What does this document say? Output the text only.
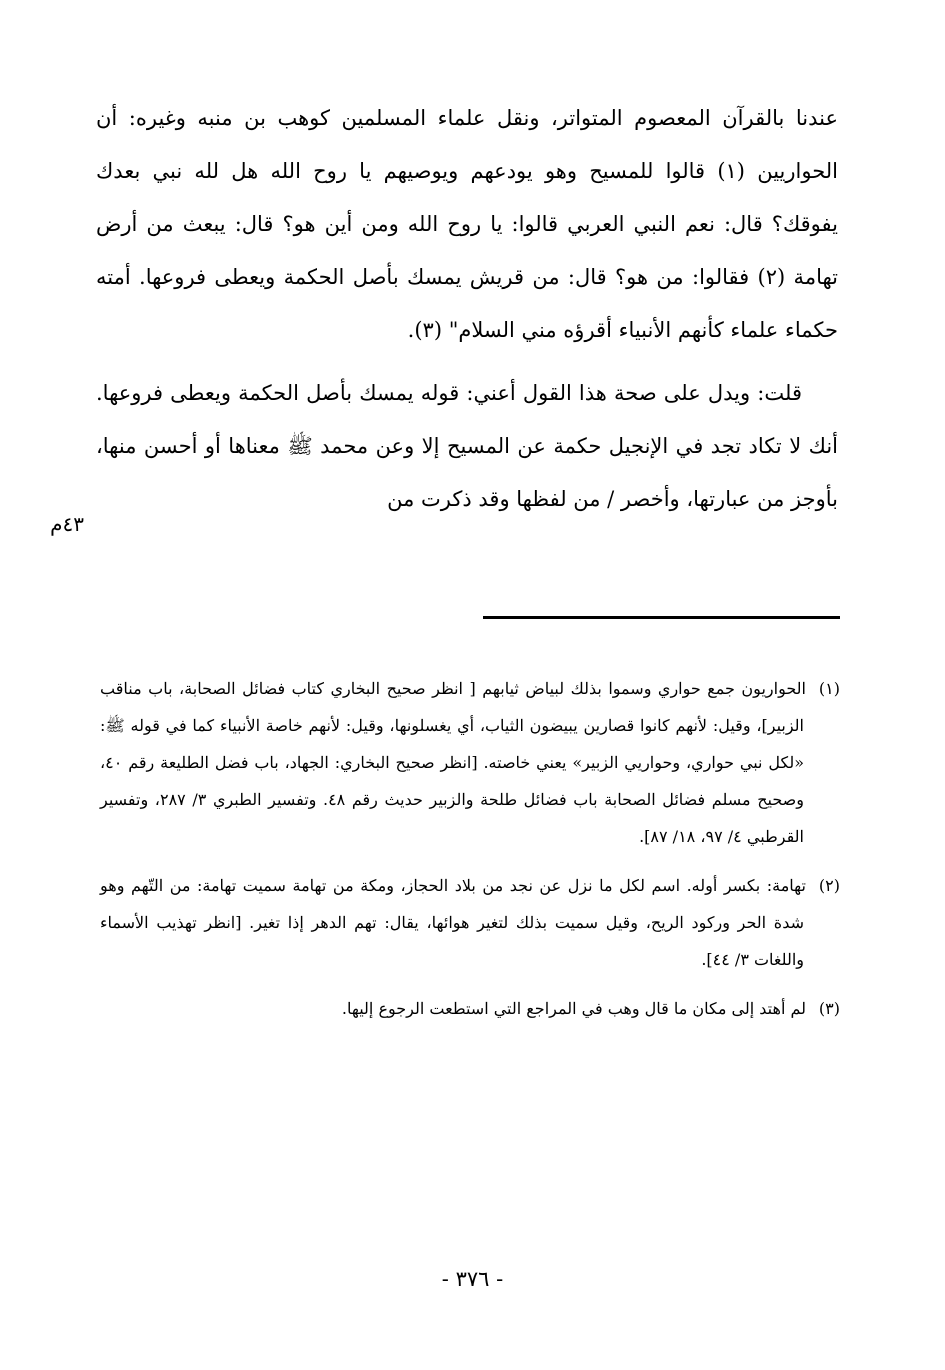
عندنا بالقرآن المعصوم المتواتر، ونقل علماء المسلمين كوهب بن منبه وغيره: أن الحواريين (١) قالوا للمسيح وهو يودعهم ويوصيهم يا روح الله هل لله نبي بعدك يفوقك؟ قال: نعم النبي العربي قالوا: يا روح الله ومن أين هو؟ قال: يبعث من أرض تهامة (٢) فقالوا: من هو؟ قال: من قريش يمسك بأصل الحكمة ويعطى فروعها. أمته حكماء علماء كأنهم الأنبياء أقرؤه مني السلام" (٣).

قلت: ويدل على صحة هذا القول أعني: قوله يمسك بأصل الحكمة ويعطى فروعها. أنك لا تكاد تجد في الإنجيل حكمة عن المسيح إلا وعن محمد ﷺ معناها أو أحسن منها، بأوجز من عبارتها، وأخصر / من لفظها وقد ذكرت من

٤٣م

(١)الحواريون جمع حواري وسموا بذلك لبياض ثيابهم [ انظر صحيح البخاري كتاب فضائل الصحابة، باب مناقب الزبير]، وقيل: لأنهم كانوا قصارين يبيضون الثياب، أي يغسلونها، وقيل: لأنهم خاصة الأنبياء كما في قوله ﷺ: «لكل نبي حواري، وحواريي الزبير» يعني خاصته. [انظر صحيح البخاري: الجهاد، باب فضل الطليعة رقم ٤٠، وصحيح مسلم فضائل الصحابة باب فضائل طلحة والزبير حديث رقم ٤٨. وتفسير الطبري ٣/ ٢٨٧، وتفسير القرطبي ٤/ ٩٧، ١٨/ ٨٧].

(٢)تهامة: بكسر أوله. اسم لكل ما نزل عن نجد من بلاد الحجاز، ومكة من تهامة سميت تهامة: من التّهم وهو شدة الحر وركود الريح، وقيل سميت بذلك لتغير هوائها، يقال: تهم الدهر إذا تغير. [انظر تهذيب الأسماء واللغات ٣/ ٤٤].

(٣)لم أهتد إلى مكان ما قال وهب في المراجع التي استطعت الرجوع إليها.

- ٣٧٦ -
